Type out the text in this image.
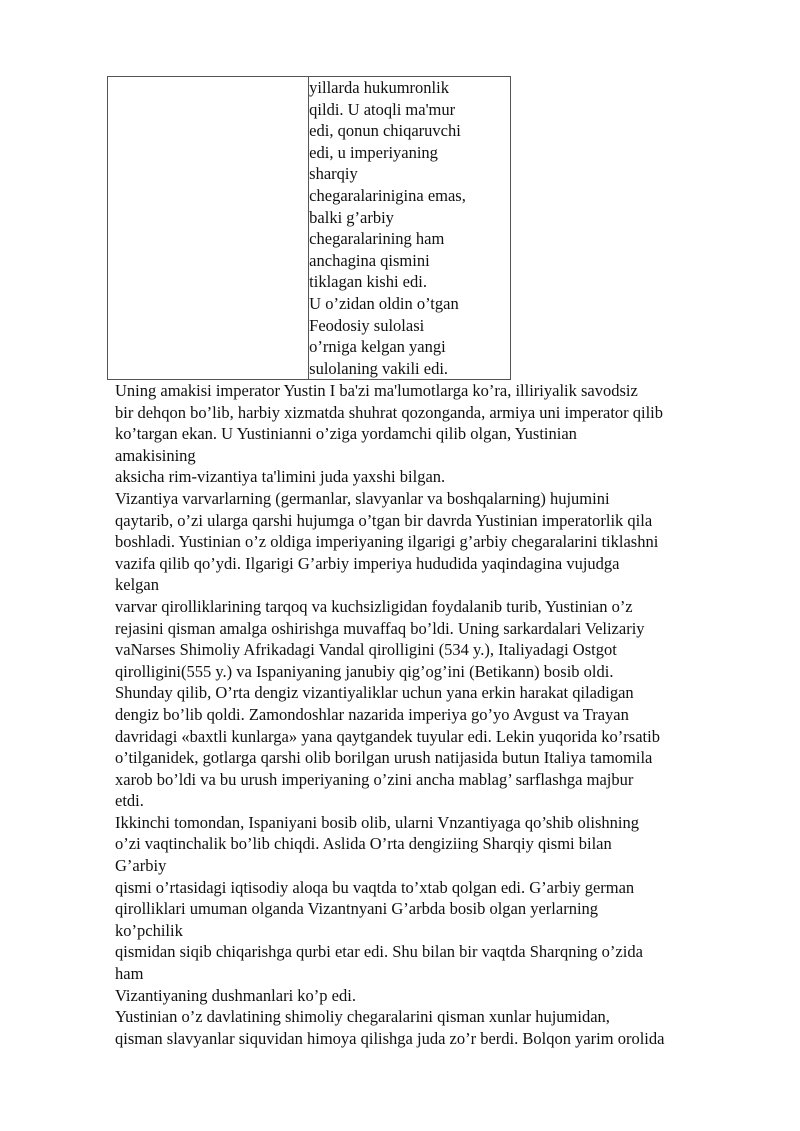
yillarda hukumronlik
qildi. U atoqli ma'mur
edi, qonun chiqaruvchi
edi, u imperiyaning
sharqiy
chegaralarinigina emas,
balki g’arbiy
chegaralarining ham
anchagina qismini
tiklagan kishi edi.
U o’zidan oldin o’tgan
Feodosiy sulolasi
o’rniga kelgan yangi
sulolaning vakili edi.
Uning amakisi imperator Yustin I ba'zi ma'lumotlarga ko’ra, illiriyalik savodsiz
bir dehqon bo’lib, harbiy xizmatda shuhrat qozonganda, armiya uni imperator qilib
ko’targan ekan. U Yustinianni o’ziga yordamchi qilib olgan, Yustinian
amakisining
aksicha rim-vizantiya ta'limini juda yaxshi bilgan.
Vizantiya varvarlarning (germanlar, slavyanlar va boshqalarning) hujumini
qaytarib, o’zi ularga qarshi hujumga o’tgan bir davrda Yustinian imperatorlik qila
boshladi. Yustinian o’z oldiga imperiyaning ilgarigi g’arbiy chegaralarini tiklashni
vazifa qilib qo’ydi. Ilgarigi G’arbiy imperiya hududida yaqindagina vujudga
kelgan
varvar qirolliklarining tarqoq va kuchsizligidan foydalanib turib, Yustinian o’z
rejasini qisman amalga oshirishga muvaffaq bo’ldi. Uning sarkardalari Velizariy
vaNarses Shimoliy Afrikadagi Vandal qirolligini (534 y.), Italiyadagi Ostgot
qirolligini(555 y.) va Ispaniyaning janubiy qig’og’ini (Betikann) bosib oldi.
Shunday qilib, O’rta dengiz vizantiyaliklar uchun yana erkin harakat qiladigan
dengiz bo’lib qoldi. Zamondoshlar nazarida imperiya go’yo Avgust va Trayan
davridagi «baxtli kunlarga» yana qaytgandek tuyular edi. Lekin yuqorida ko’rsatib
o’tilganidek, gotlarga qarshi olib borilgan urush natijasida butun Italiya tamomila
xarob bo’ldi va bu urush imperiyaning o’zini ancha mablag’ sarflashga majbur
etdi.
Ikkinchi tomondan, Ispaniyani bosib olib, ularni Vnzantiyaga qo’shib olishning
o’zi vaqtinchalik bo’lib chiqdi. Aslida O’rta dengiziing Sharqiy qismi bilan
G’arbiy
qismi o’rtasidagi iqtisodiy aloqa bu vaqtda to’xtab qolgan edi. G’arbiy german
qirolliklari umuman olganda Vizantnyani G’arbda bosib olgan yerlarning
ko’pchilik
qismidan siqib chiqarishga qurbi etar edi. Shu bilan bir vaqtda Sharqning o’zida
ham
Vizantiyaning dushmanlari ko’p edi.
Yustinian o’z davlatining shimoliy chegaralarini qisman xunlar hujumidan,
qisman slavyanlar siquvidan himoya qilishga juda zo’r berdi. Bolqon yarim orolida
